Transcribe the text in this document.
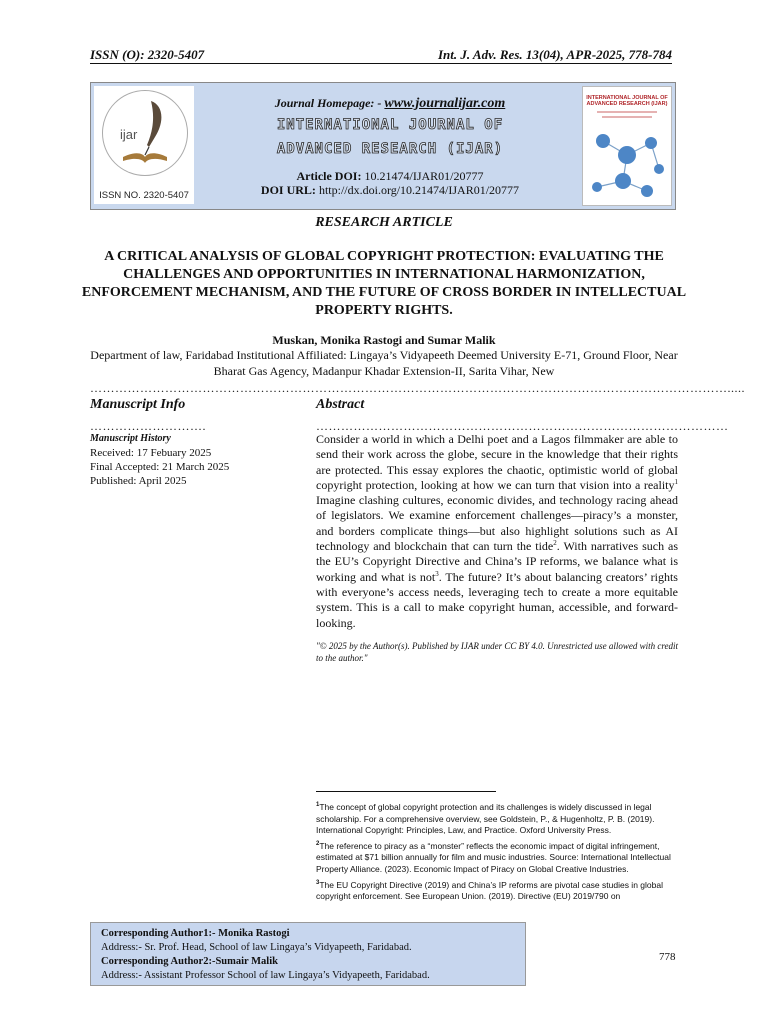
ISSN (O): 2320-5407	Int. J. Adv. Res. 13(04), APR-2025, 778-784
ijar
ISSN NO. 2320-5407
Journal Homepage: - www.journalijar.com
INTERNATIONAL JOURNAL OF
ADVANCED RESEARCH (IJAR)
Article DOI: 10.21474/IJAR01/20777
DOI URL: http://dx.doi.org/10.21474/IJAR01/20777
INTERNATIONAL JOURNAL OF ADVANCED RESEARCH (IJAR)
RESEARCH ARTICLE
A CRITICAL ANALYSIS OF GLOBAL COPYRIGHT PROTECTION: EVALUATING THE CHALLENGES AND OPPORTUNITIES IN INTERNATIONAL HARMONIZATION, ENFORCEMENT MECHANISM, AND THE FUTURE OF CROSS BORDER IN INTELLECTUAL PROPERTY RIGHTS.
Muskan, Monika Rastogi and Sumar Malik
Department of law, Faridabad Institutional Affiliated: Lingaya’s Vidyapeeth Deemed University E-71, Ground Floor, Near Bharat Gas Agency, Madanpur Khadar Extension-II, Sarita Vihar, New
……………………………………………………………………………………………………………………………………….....
Manuscript Info	Abstract
……………………….	………………………………………………………………………………………
Manuscript History
Received: 17 Febuary 2025
Final Accepted: 21 March 2025
Published: April 2025
Consider a world in which a Delhi poet and a Lagos filmmaker are able to send their work across the globe, secure in the knowledge that their rights are protected. This essay explores the chaotic, optimistic world of global copyright protection, looking at how we can turn that vision into a reality$^1$ Imagine clashing cultures, economic divides, and technology racing ahead of legislators. We examine enforcement challenges—piracy’s a monster, and borders complicate things—but also highlight solutions such as AI technology and blockchain that can turn the tide$^2$. With narratives such as the EU’s Copyright Directive and China’s IP reforms, we balance what is working and what is not$^3$. The future? It’s about balancing creators’ rights with everyone’s access needs, leveraging tech to create a more equitable system. This is a call to make copyright human, accessible, and forward-looking.
"© 2025 by the Author(s). Published by IJAR under CC BY 4.0. Unrestricted use allowed with credit to the author."
$^1$The concept of global copyright protection and its challenges is widely discussed in legal scholarship. For a comprehensive overview, see Goldstein, P., & Hugenholtz, P. B. (2019). International Copyright: Principles, Law, and Practice. Oxford University Press.
$^2$The reference to piracy as a “monster” reflects the economic impact of digital infringement, estimated at $71 billion annually for film and music industries. Source: International Intellectual Property Alliance. (2023). Economic Impact of Piracy on Global Creative Industries.
$^3$The EU Copyright Directive (2019) and China’s IP reforms are pivotal case studies in global copyright enforcement. See European Union. (2019). Directive (EU) 2019/790 on
Corresponding Author1:- Monika Rastogi
Address:- Sr. Prof. Head, School of law Lingaya’s Vidyapeeth, Faridabad.
Corresponding Author2:-Sumair Malik
Address:- Assistant Professor School of law Lingaya’s Vidyapeeth, Faridabad.
778
